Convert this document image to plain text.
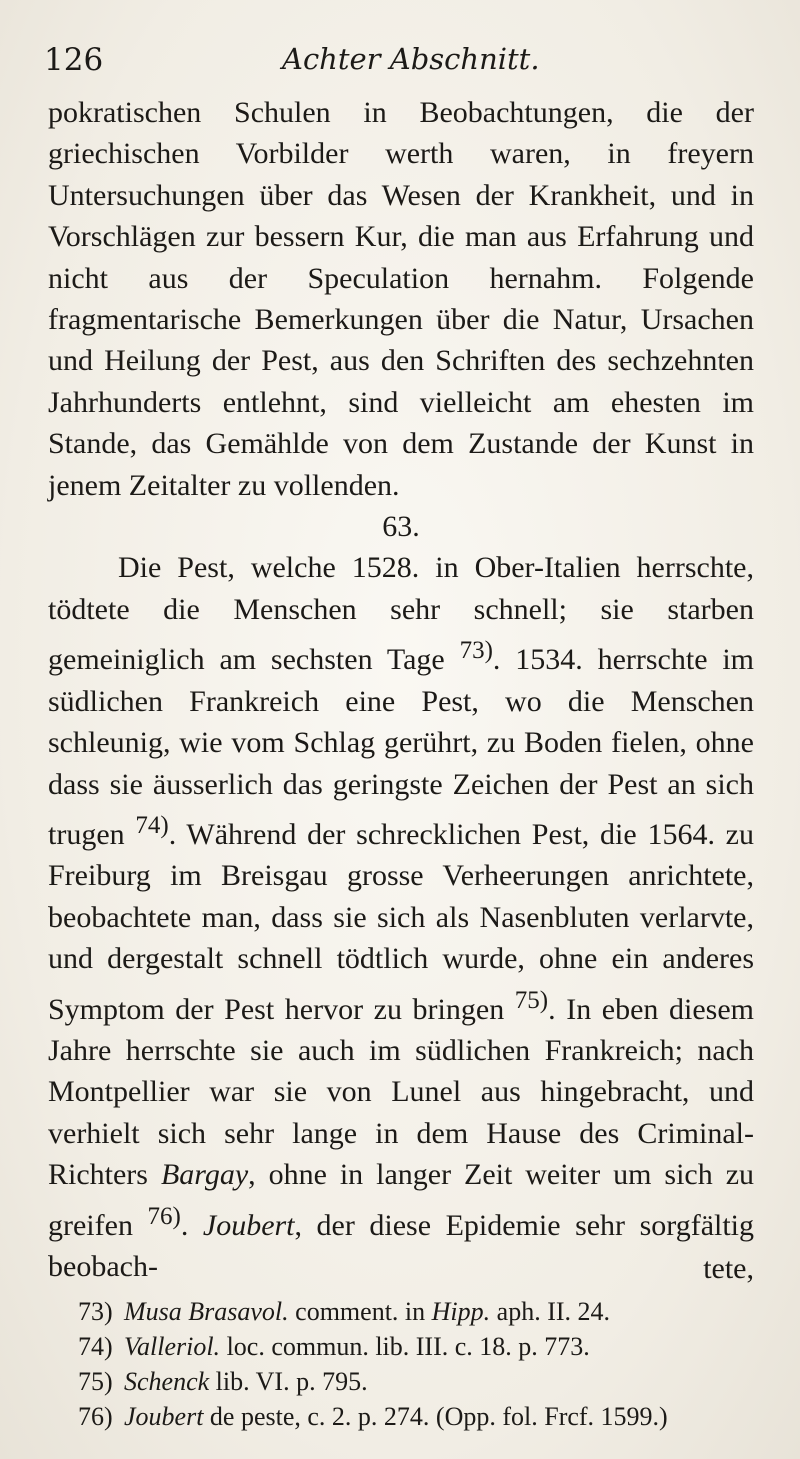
126	Achter Abschnitt.

pokratischen Schulen in Beobachtungen, die der griechischen Vorbilder werth waren, in freyern Untersuchungen über das Wesen der Krankheit, und in Vorschlägen zur bessern Kur, die man aus Erfahrung und nicht aus der Speculation hernahm. Folgende fragmentarische Bemerkungen über die Natur, Ursachen und Heilung der Pest, aus den Schriften des sechzehnten Jahrhunderts entlehnt, sind vielleicht am ehesten im Stande, das Gemählde von dem Zustande der Kunst in jenem Zeitalter zu vollenden.

63.

Die Pest, welche 1528. in Ober-Italien herrschte, tödtete die Menschen sehr schnell; sie starben gemeiniglich am sechsten Tage $^{73)}$. 1534. herrschte im südlichen Frankreich eine Pest, wo die Menschen schleunig, wie vom Schlag gerührt, zu Boden fielen, ohne dass sie äusserlich das geringste Zeichen der Pest an sich trugen $^{74)}$. Während der schrecklichen Pest, die 1564. zu Freiburg im Breisgau grosse Verheerungen anrichtete, beobachtete man, dass sie sich als Nasenbluten verlarvte, und dergestalt schnell tödtlich wurde, ohne ein anderes Symptom der Pest hervor zu bringen $^{75)}$. In eben diesem Jahre herrschte sie auch im südlichen Frankreich; nach Montpellier war sie von Lunel aus hingebracht, und verhielt sich sehr lange in dem Hause des Criminal-Richters Bargay, ohne in langer Zeit weiter um sich zu greifen $^{76)}$. Joubert, der diese Epidemie sehr sorgfältig beobach-	tete,
73) Musa Brasavol. comment. in Hipp. aph. II. 24.
74) Valleriol. loc. commun. lib. III. c. 18. p. 773.
75) Schenck lib. VI. p. 795.
76) Joubert de peste, c. 2. p. 274. (Opp. fol. Frcf. 1599.)
